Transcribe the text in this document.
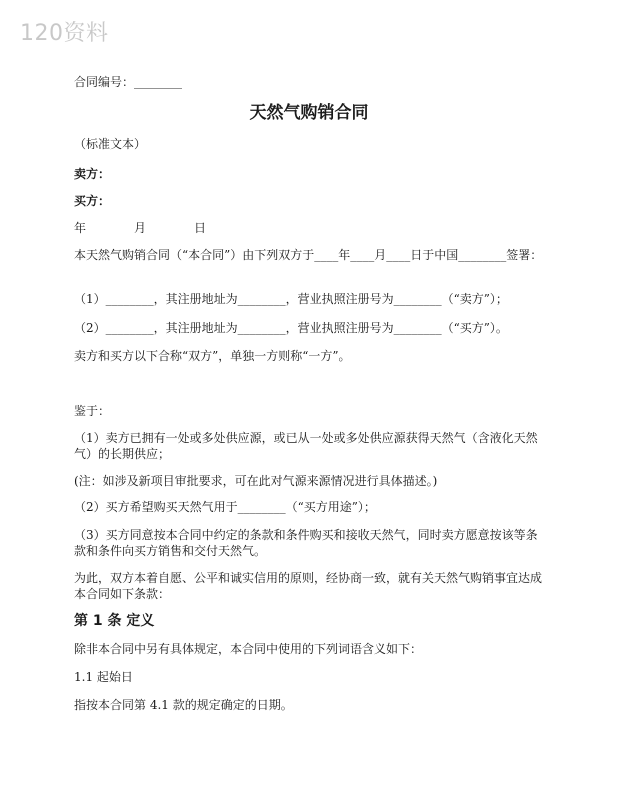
120资料
合同编号：________
天然气购销合同
（标准文本）
卖方：
买方：
年	月	日
本天然气购销合同（“本合同”）由下列双方于____年____月____日于中国________签署：
（1）________，其注册地址为________，营业执照注册号为________（“卖方”）；
（2）________，其注册地址为________，营业执照注册号为________（“买方”）。
卖方和买方以下合称“双方”，单独一方则称“一方”。
鉴于：
（1）卖方已拥有一处或多处供应源，或已从一处或多处供应源获得天然气（含液化天然气）的长期供应；
(注：如涉及新项目审批要求，可在此对气源来源情况进行具体描述。)
（2）买方希望购买天然气用于________（“买方用途”）；
（3）买方同意按本合同中约定的条款和条件购买和接收天然气，同时卖方愿意按该等条款和条件向买方销售和交付天然气。
为此，双方本着自愿、公平和诚实信用的原则，经协商一致，就有关天然气购销事宜达成本合同如下条款：
第 1 条 定义
除非本合同中另有具体规定，本合同中使用的下列词语含义如下：
1.1 起始日
指按本合同第 4.1 款的规定确定的日期。
